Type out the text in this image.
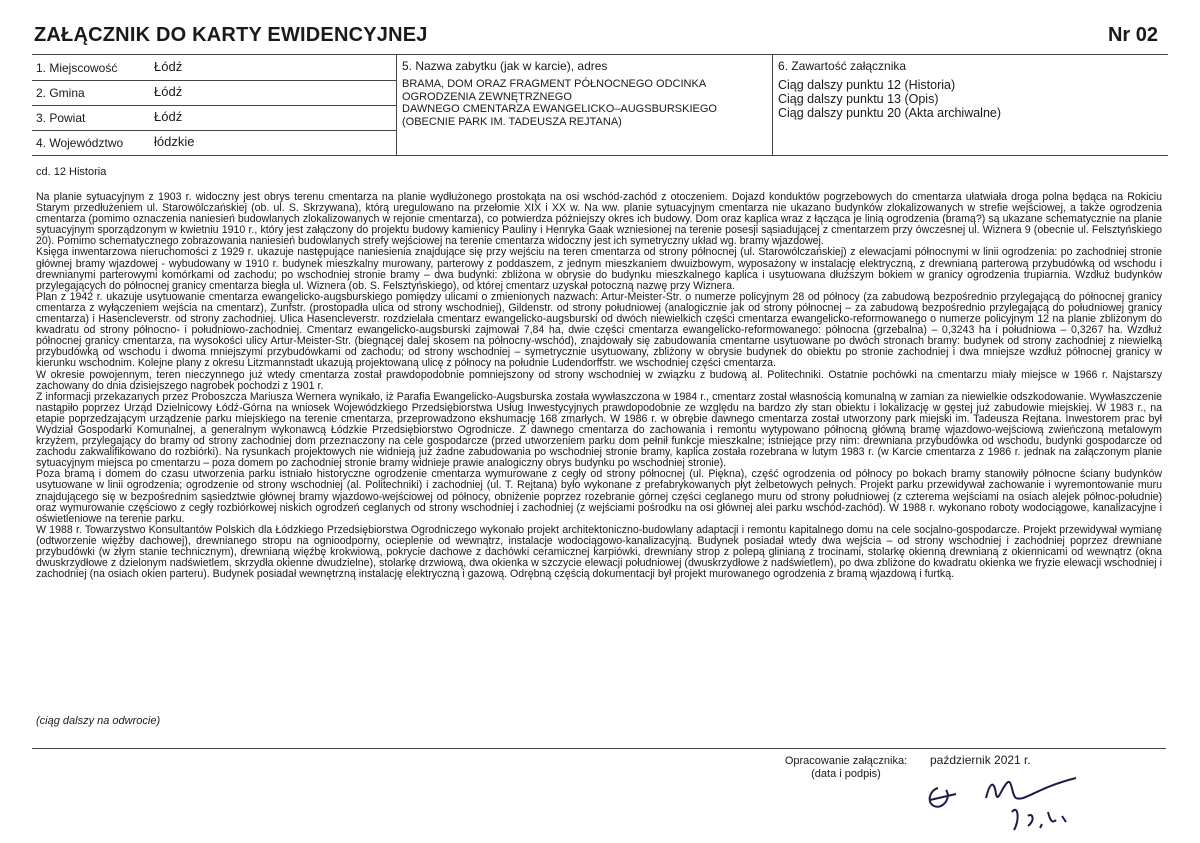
ZAŁĄCZNIK DO KARTY EWIDENCYJNEJ	Nr 02
1. Miejscowość	Łódź
2. Gmina	Łódź
3. Powiat	Łódź
4. Województwo łódzkie
5. Nazwa zabytku (jak w karcie), adres
BRAMA, DOM ORAZ FRAGMENT PÓŁNOCNEGO ODCINKA
OGRODZENIA ZEWNĘTRZNEGO
DAWNEGO CMENTARZA EWANGELICKO–AUGSBURSKIEGO
(OBECNIE PARK IM. TADEUSZA REJTANA)
6. Zawartość załącznika
Ciąg dalszy punktu 12 (Historia)
Ciąg dalszy punktu 13 (Opis)
Ciąg dalszy punktu 20 (Akta archiwalne)
cd. 12 Historia

Na planie sytuacyjnym z 1903 r. widoczny jest obrys terenu cmentarza na planie wydłużonego prostokąta na osi wschód-zachód z otoczeniem. Dojazd konduktów pogrzebowych do cmentarza ułatwiała droga polna będąca na Rokiciu Starym przedłużeniem ul. Starowólczańskiej (ob. ul. S. Skrzywana), którą uregulowano na przełomie XIX i XX w. Na ww. planie sytuacyjnym cmentarza nie ukazano budynków zlokalizowanych w strefie wejściowej, a także ogrodzenia cmentarza (pomimo oznaczenia naniesień budowlanych zlokalizowanych w rejonie cmentarza), co potwierdza późniejszy okres ich budowy. Dom oraz kaplica wraz z łącząca je linią ogrodzenia (bramą?) są ukazane schematycznie na planie sytuacyjnym sporządzonym w kwietniu 1910 r., który jest załączony do projektu budowy kamienicy Pauliny i Henryka Gaak wzniesionej na terenie posesji sąsiadującej z cmentarzem przy ówczesnej ul. Wiznera 9 (obecnie ul. Felsztyńskiego 20). Pomimo schematycznego zobrazowania naniesień budowlanych strefy wejściowej na terenie cmentarza widoczny jest ich symetryczny układ wg. bramy wjazdowej.

Księga inwentarzowa nieruchomości z 1929 r. ukazuje następujące naniesienia znajdujące się przy wejściu na teren cmentarza od strony północnej (ul. Starowólczańskiej) z elewacjami północnymi w linii ogrodzenia: po zachodniej stronie głównej bramy wjazdowej - wybudowany w 1910 r. budynek mieszkalny murowany, parterowy z poddaszem, z jednym mieszkaniem dwuizbowym, wyposażony w instalację elektryczną, z drewnianą parterową przybudówką od wschodu i drewnianymi parterowymi komórkami od zachodu; po wschodniej stronie bramy – dwa budynki: zbliżona w obrysie do budynku mieszkalnego kaplica i usytuowana dłuższym bokiem w granicy ogrodzenia trupiarnia. Wzdłuż budynków przylegających do północnej granicy cmentarza biegła ul. Wiznera (ob. S. Felsztyńskiego), od której cmentarz uzyskał potoczną nazwę przy Wiznera.

Plan z 1942 r. ukazuje usytuowanie cmentarza ewangelicko-augsburskiego pomiędzy ulicami o zmienionych nazwach: Artur-Meister-Str. o numerze policyjnym 28 od północy (za zabudową bezpośrednio przylegającą do północnej granicy cmentarza z wyłączeniem wejścia na cmentarz), Zunfstr. (prostopadła ulica od strony wschodniej), Gildenstr. od strony południowej (analogicznie jak od strony północnej – za zabudową bezpośrednio przylegającą do południowej granicy cmentarza) i Hasencleverstr. od strony zachodniej. Ulica Hasencleverstr. rozdzielała cmentarz ewangelicko-augsburski od dwóch niewielkich części cmentarza ewangelicko-reformowanego o numerze policyjnym 12 na planie zbliżonym do kwadratu od strony północno- i południowo-zachodniej. Cmentarz ewangelicko-augsburski zajmował 7,84 ha, dwie części cmentarza ewangelicko-reformowanego: północna (grzebalna) – 0,3243 ha i południowa – 0,3267 ha. Wzdłuż północnej granicy cmentarza, na wysokości ulicy Artur-Meister-Str. (biegnącej dalej skosem na północny-wschód), znajdowały się zabudowania cmentarne usytuowane po dwóch stronach bramy: budynek od strony zachodniej z niewielką przybudówką od wschodu i dwoma mniejszymi przybudówkami od zachodu; od strony wschodniej – symetrycznie usytuowany, zbliżony w obrysie budynek do obiektu po stronie zachodniej i dwa mniejsze wzdłuż północnej granicy w kierunku wschodnim. Kolejne plany z okresu Litzmannstadt ukazują projektowaną ulicę z północy na południe Ludendorffstr. we wschodniej części cmentarza.

W okresie powojennym, teren nieczynnego już wtedy cmentarza został prawdopodobnie pomniejszony od strony wschodniej w związku z budową al. Politechniki. Ostatnie pochówki na cmentarzu miały miejsce w 1966 r. Najstarszy zachowany do dnia dzisiejszego nagrobek pochodzi z 1901 r.

Z informacji przekazanych przez Proboszcza Mariusza Wernera wynikało, iż Parafia Ewangelicko-Augsburska została wywłaszczona w 1984 r., cmentarz został własnością komunalną w zamian za niewielkie odszkodowanie. Wywłaszczenie nastąpiło poprzez Urząd Dzielnicowy Łódź-Górna na wniosek Wojewódzkiego Przedsiębiorstwa Usług Inwestycyjnych prawdopodobnie ze względu na bardzo zły stan obiektu i lokalizację w gęstej już zabudowie miejskiej. W 1983 r., na etapie poprzedzającym urządzenie parku miejskiego na terenie cmentarza, przeprowadzono ekshumację 168 zmarłych. W 1986 r. w obrębie dawnego cmentarza został utworzony park miejski im. Tadeusza Rejtana. Inwestorem prac był Wydział Gospodarki Komunalnej, a generalnym wykonawcą Łódzkie Przedsiębiorstwo Ogrodnicze. Z dawnego cmentarza do zachowania i remontu wytypowano północną główną bramę wjazdowo-wejściową zwieńczoną metalowym krzyżem, przylegający do bramy od strony zachodniej dom przeznaczony na cele gospodarcze (przed utworzeniem parku dom pełnił funkcje mieszkalne; istniejące przy nim: drewniana przybudówka od wschodu, budynki gospodarcze od zachodu zakwalifikowano do rozbiórki). Na rysunkach projektowych nie widnieją już żadne zabudowania po wschodniej stronie bramy, kaplica została rozebrana w lutym 1983 r. (w Karcie cmentarza z 1986 r. jednak na załączonym planie sytuacyjnym miejsca po cmentarzu – poza domem po zachodniej stronie bramy widnieje prawie analogiczny obrys budynku po wschodniej stronie).

Poza bramą i domem do czasu utworzenia parku istniało historyczne ogrodzenie cmentarza wymurowane z cegły od strony północnej (ul. Piękna), część ogrodzenia od północy po bokach bramy stanowiły północne ściany budynków usytuowane w linii ogrodzenia; ogrodzenie od strony wschodniej (al. Politechniki) i zachodniej (ul. T. Rejtana) było wykonane z prefabrykowanych płyt żelbetowych pełnych. Projekt parku przewidywał zachowanie i wyremontowanie muru znajdującego się w bezpośrednim sąsiedztwie głównej bramy wjazdowo-wejściowej od północy, obniżenie poprzez rozebranie górnej części ceglanego muru od strony południowej (z czterema wejściami na osiach alejek północ-południe) oraz wymurowanie częściowo z cegły rozbiórkowej niskich ogrodzeń ceglanych od strony wschodniej i zachodniej (z wejściami pośrodku na osi głównej alei parku wschód-zachód). W 1988 r. wykonano roboty wodociągowe, kanalizacyjne i oświetleniowe na terenie parku.

W 1988 r. Towarzystwo Konsultantów Polskich dla Łódzkiego Przedsiębiorstwa Ogrodniczego wykonało projekt architektoniczno-budowlany adaptacji i remontu kapitalnego domu na cele socjalno-gospodarcze. Projekt przewidywał wymianę (odtworzenie więźby dachowej), drewnianego stropu na ognioodporny, ocieplenie od wewnątrz, instalacje wodociągowo-kanalizacyjną. Budynek posiadał wtedy dwa wejścia – od strony wschodniej i zachodniej poprzez drewniane przybudówki (w złym stanie technicznym), drewnianą więźbę krokwiową, pokrycie dachowe z dachówki ceramicznej karpiówki, drewniany strop z polepą glinianą z trocinami, stolarkę okienną drewnianą z okiennicami od wewnątrz (okna dwuskrzydłowe z dzielonym nadświetlem, skrzydła okienne dwudzielne), stolarkę drzwiową, dwa okienka w szczycie elewacji południowej (dwuskrzydłowe z nadświetlem), po dwa zbliżone do kwadratu okienka we fryzie elewacji wschodniej i zachodniej (na osiach okien parteru). Budynek posiadał wewnętrzną instalację elektryczną i gazową. Odrębną częścią dokumentacji był projekt murowanego ogrodzenia z bramą wjazdową i furtką.

(ciąg dalszy na odwrocie)
Opracowanie załącznika:
(data i podpis)
październik 2021 r.
